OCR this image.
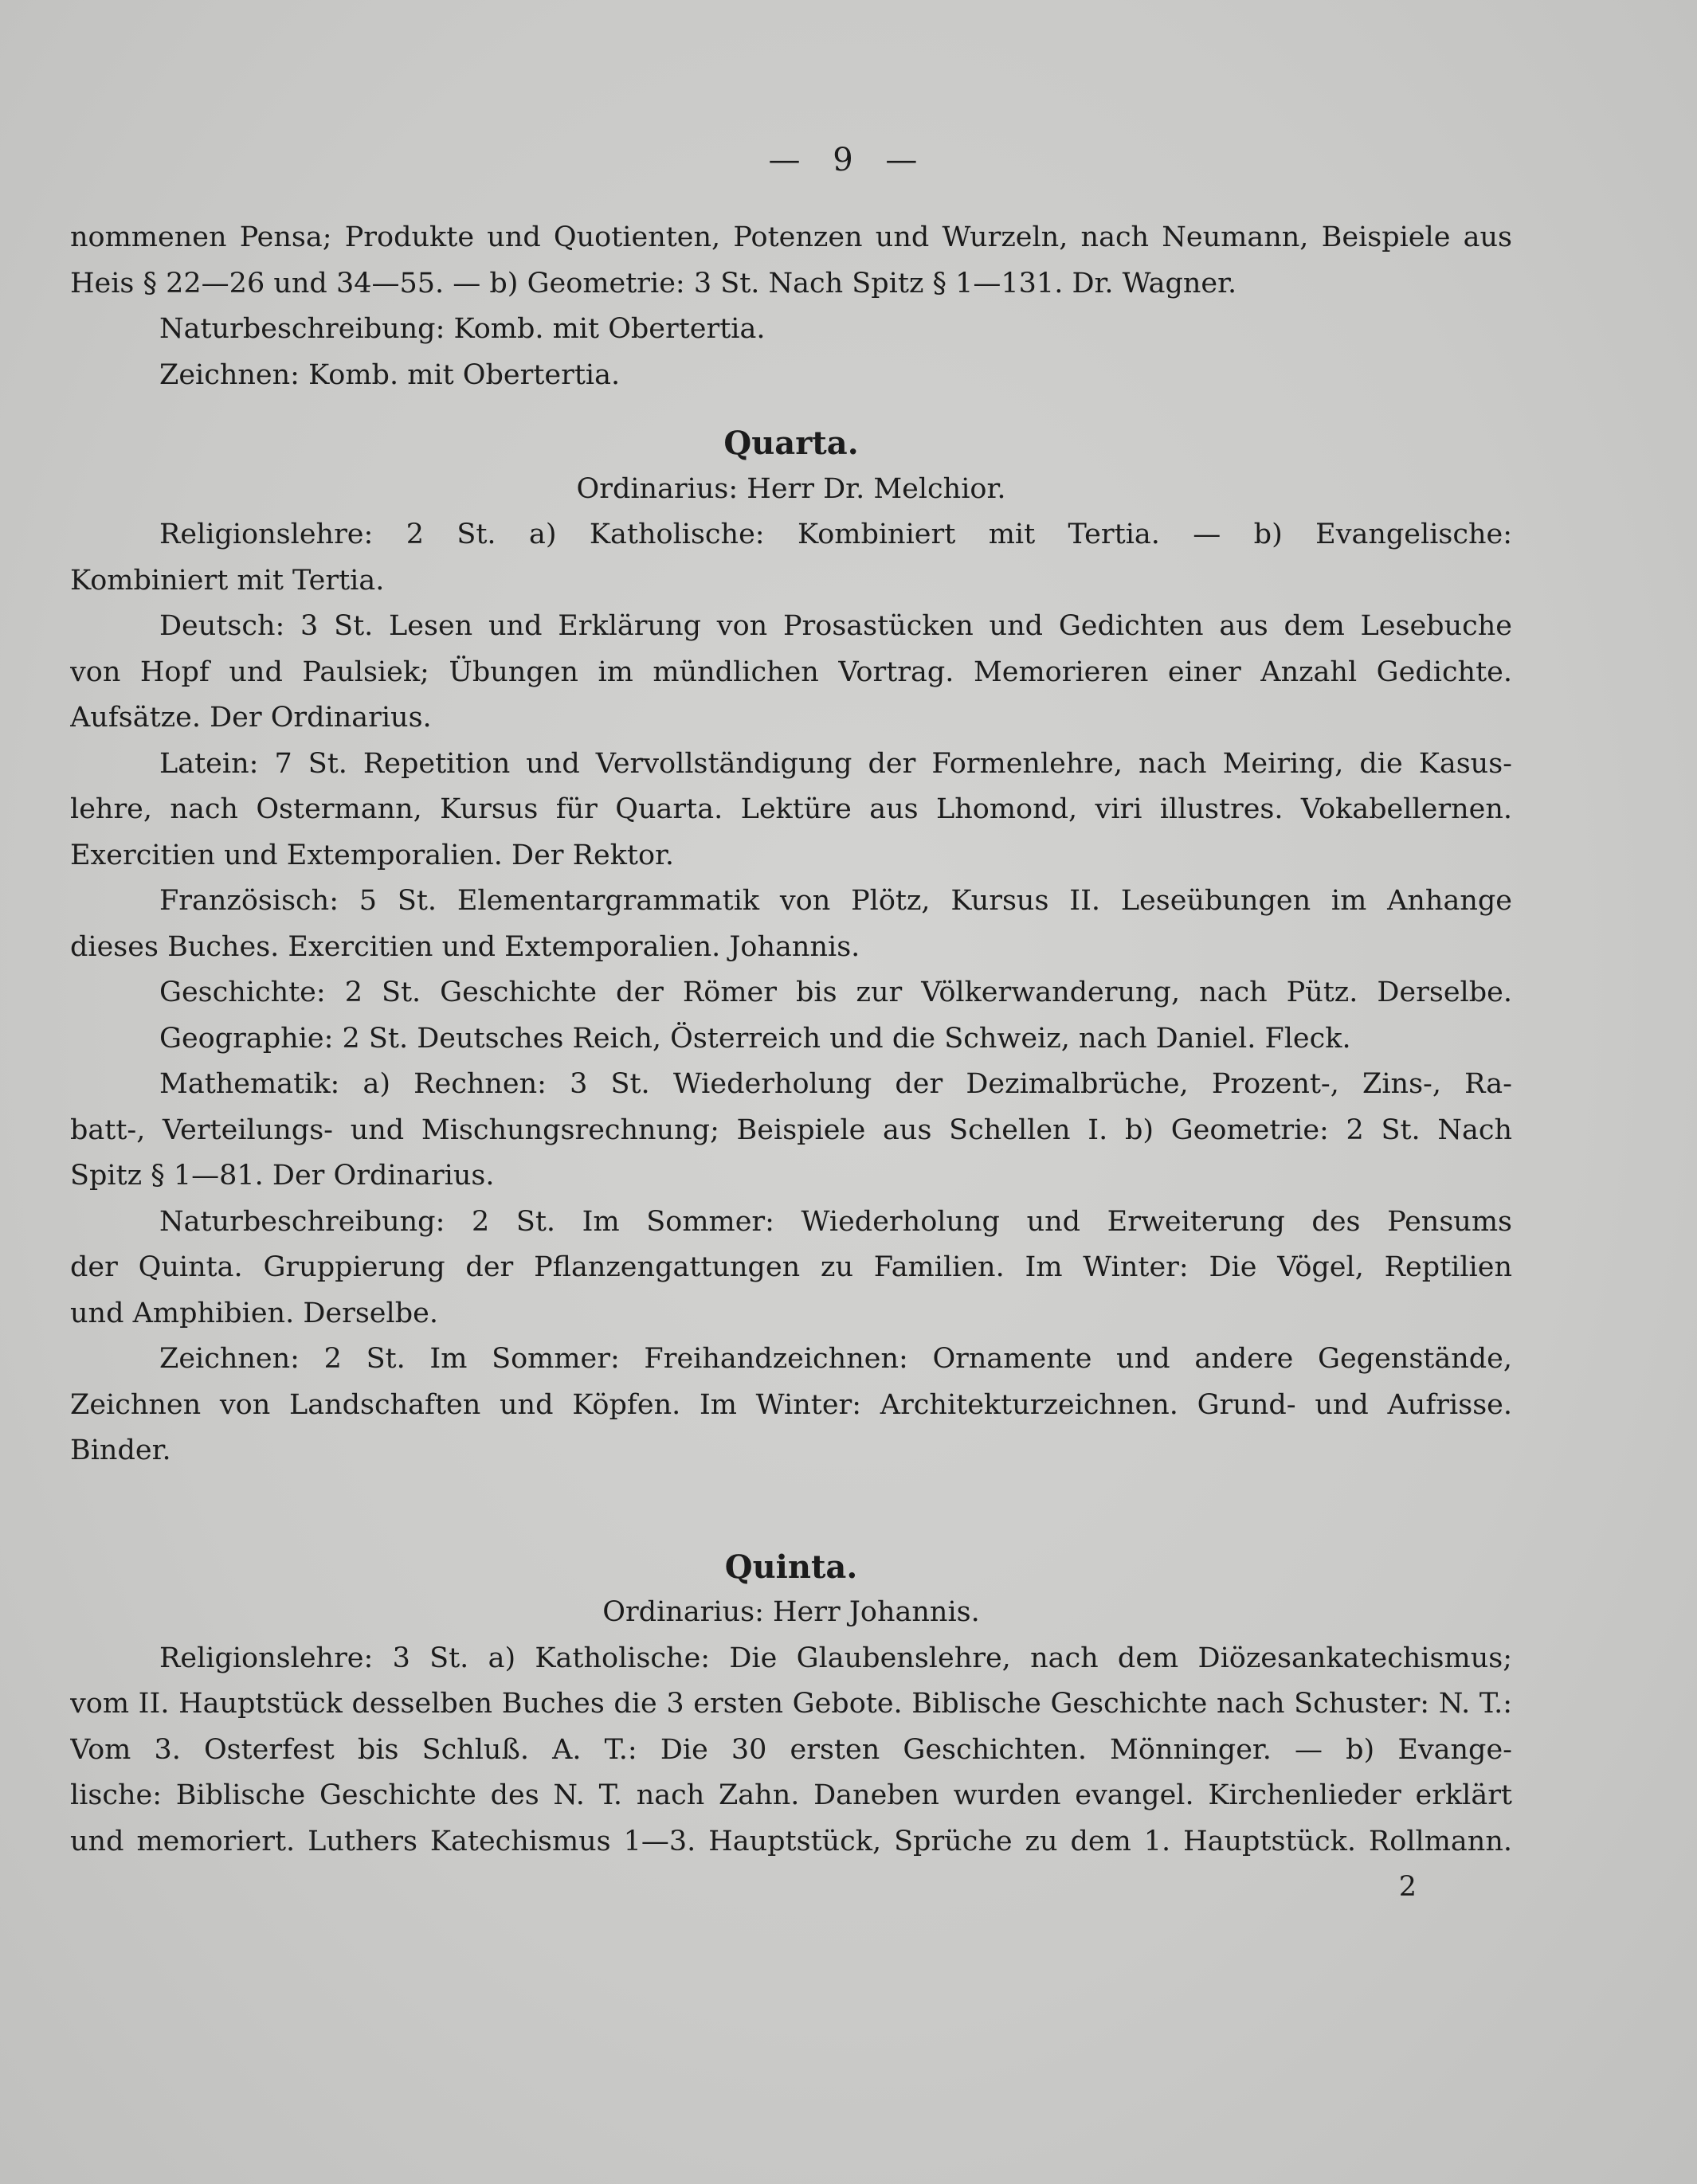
— 9 —
nommenen Pensa; Produkte und Quotienten, Potenzen und Wurzeln, nach Neumann, Beispiele aus
Heis § 22—26 und 34—55. — b) Geometrie: 3 St. Nach Spitz § 1—131. Dr. Wagner.
Naturbeschreibung: Komb. mit Obertertia.
Zeichnen: Komb. mit Obertertia.
Quarta.
Ordinarius: Herr Dr. Melchior.
Religionslehre: 2 St. a) Katholische: Kombiniert mit Tertia. — b) Evangelische:
Kombiniert mit Tertia.
Deutsch: 3 St. Lesen und Erklärung von Prosastücken und Gedichten aus dem Lesebuche
von Hopf und Paulsiek; Übungen im mündlichen Vortrag. Memorieren einer Anzahl Gedichte.
Aufsätze. Der Ordinarius.
Latein: 7 St. Repetition und Vervollständigung der Formenlehre, nach Meiring, die Kasus-
lehre, nach Ostermann, Kursus für Quarta. Lektüre aus Lhomond, viri illustres. Vokabellernen.
Exercitien und Extemporalien. Der Rektor.
Französisch: 5 St. Elementargrammatik von Plötz, Kursus II. Leseübungen im Anhange
dieses Buches. Exercitien und Extemporalien. Johannis.
Geschichte: 2 St. Geschichte der Römer bis zur Völkerwanderung, nach Pütz. Derselbe.
Geographie: 2 St. Deutsches Reich, Österreich und die Schweiz, nach Daniel. Fleck.
Mathematik: a) Rechnen: 3 St. Wiederholung der Dezimalbrüche, Prozent-, Zins-, Ra-
batt-, Verteilungs- und Mischungsrechnung; Beispiele aus Schellen I. b) Geometrie: 2 St. Nach
Spitz § 1—81. Der Ordinarius.
Naturbeschreibung: 2 St. Im Sommer: Wiederholung und Erweiterung des Pensums
der Quinta. Gruppierung der Pflanzengattungen zu Familien. Im Winter: Die Vögel, Reptilien
und Amphibien. Derselbe.
Zeichnen: 2 St. Im Sommer: Freihandzeichnen: Ornamente und andere Gegenstände,
Zeichnen von Landschaften und Köpfen. Im Winter: Architekturzeichnen. Grund- und Aufrisse.
Binder.
Quinta.
Ordinarius: Herr Johannis.
Religionslehre: 3 St. a) Katholische: Die Glaubenslehre, nach dem Diözesankatechismus;
vom II. Hauptstück desselben Buches die 3 ersten Gebote. Biblische Geschichte nach Schuster: N. T.:
Vom 3. Osterfest bis Schluß. A. T.: Die 30 ersten Geschichten. Mönninger. — b) Evange-
lische: Biblische Geschichte des N. T. nach Zahn. Daneben wurden evangel. Kirchenlieder erklärt
und memoriert. Luthers Katechismus 1—3. Hauptstück, Sprüche zu dem 1. Hauptstück. Rollmann.
2
